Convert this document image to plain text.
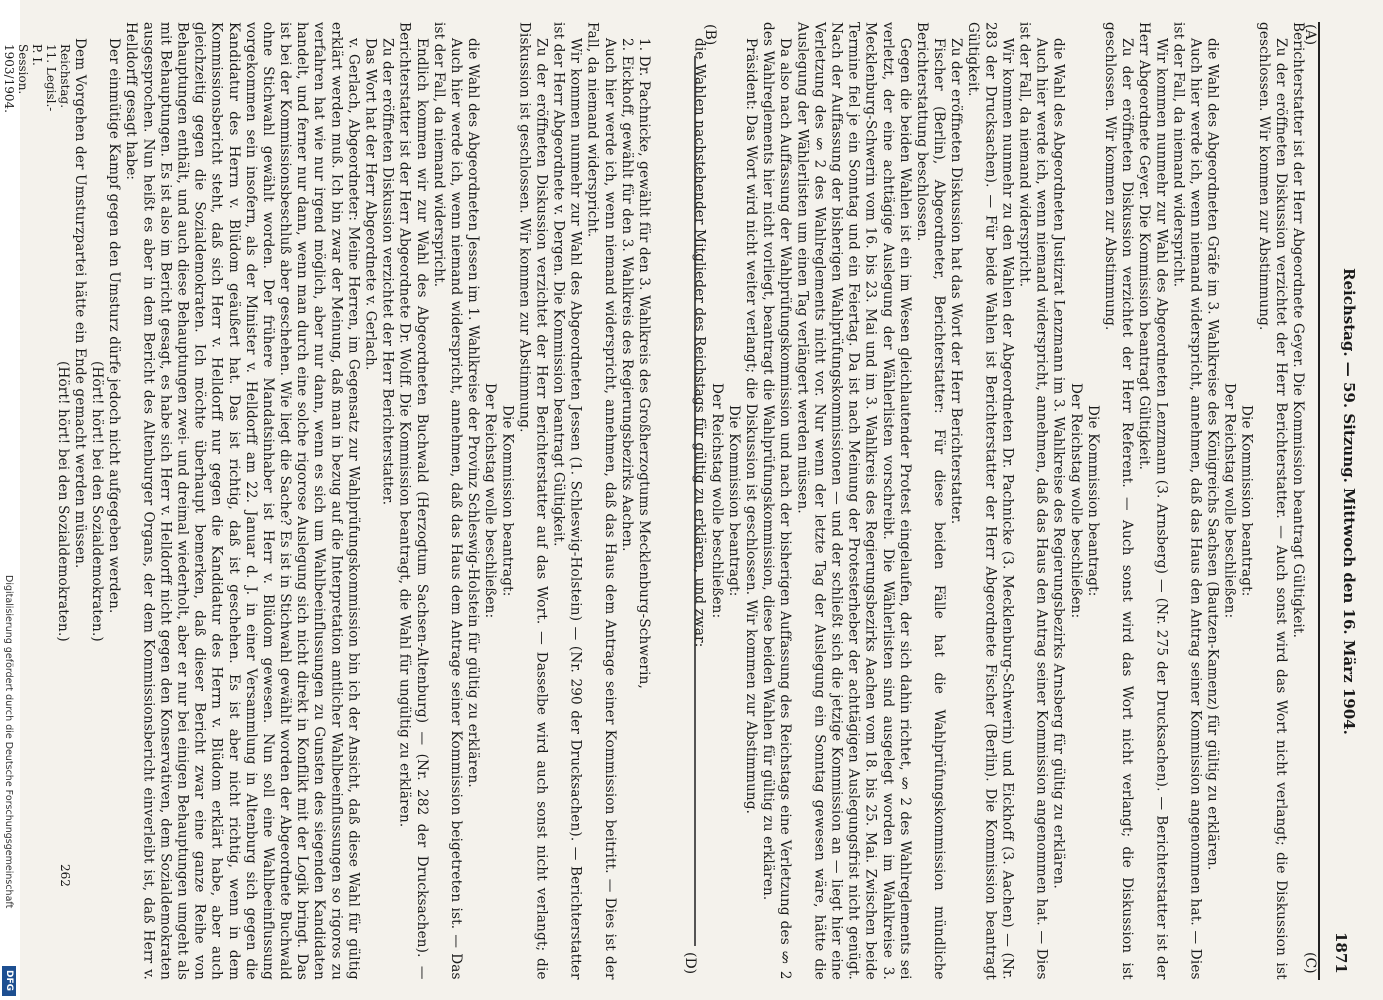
Digitalisierung gefördert durch die Deutsche Forschungsgemeinschaft
DFG
Reichstag. — 59. Sitzung. Mittwoch den 16. März 1904.
1871
(A)
(B)
(C)
(D)

Berichterstatter ist der Herr Abgeordnete Geyer. Die Kommission beantragt Gültigkeit.

Zu der eröffneten Diskussion verzichtet der Herr Berichterstatter. — Auch sonst wird das Wort nicht verlangt; die Diskussion ist geschlossen. Wir kommen zur Abstimmung.

Die Kommission beantragt:

Der Reichstag wolle beschließen:

die Wahl des Abgeordneten Gräfe im 3. Wahlkreise des Königreichs Sachsen (Bautzen-Kamenz) für gültig zu erklären.

Auch hier werde ich, wenn niemand widerspricht, annehmen, daß das Haus den Antrag seiner Kommission angenommen hat. — Dies ist der Fall, da niemand widerspricht.

Wir kommen nunmehr zur Wahl des Abgeordneten Lenzmann (3. Arnsberg) — (Nr. 275 der Drucksachen). — Berichterstatter ist der Herr Abgeordnete Geyer. Die Kommission beantragt Gültigkeit.

Zu der eröffneten Diskussion verzichtet der Herr Referent. — Auch sonst wird das Wort nicht verlangt; die Diskussion ist geschlossen. Wir kommen zur Abstimmung.

Die Kommission beantragt:

Der Reichstag wolle beschließen:

die Wahl des Abgeordneten Justizrat Lenzmann im 3. Wahlkreise des Regierungsbezirks Arnsberg für gültig zu erklären.

Auch hier werde ich, wenn niemand widerspricht, annehmen, daß das Haus den Antrag seiner Kommission angenommen hat. — Dies ist der Fall, da niemand widerspricht.

Wir kommen nunmehr zu den Wahlen der Abgeordneten Dr. Pachnicke (3. Mecklenburg-Schwerin) und Eickhoff (3. Aachen) — (Nr. 283 der Drucksachen). — Für beide Wahlen ist Berichterstatter der Herr Abgeordnete Fischer (Berlin). Die Kommission beantragt Gültigkeit.

Zu der eröffneten Diskussion hat das Wort der Herr Berichterstatter.

Fischer (Berlin), Abgeordneter, Berichterstatter: Für diese beiden Fälle hat die Wahlprüfungskommission mündliche Berichterstattung beschlossen.

Gegen die beiden Wahlen ist ein im Wesen gleichlautender Protest eingelaufen, der sich dahin richtet, § 2 des Wahlreglements sei verletzt, der eine achttägige Auslegung der Wählerlisten vorschreibt. Die Wählerlisten sind ausgelegt worden im Wahlkreise 3. Mecklenburg-Schwerin vom 16. bis 23. Mai und im 3. Wahlkreis des Regierungsbezirks Aachen vom 18. bis 25. Mai. Zwischen beide Termine fiel je ein Sonntag und ein Feiertag. Da ist nach Meinung der Protesterheber der achttägigen Auslegungsfrist nicht genügt. Nach der Auffassung der bisherigen Wahlprüfungskommissionen — und der schließt sich die jetzige Kommission an — liegt hier eine Verletzung des § 2 des Wahlreglements nicht vor. Nur wenn der letzte Tag der Auslegung ein Sonntag gewesen wäre, hätte die Auslegung der Wählerlisten um einen Tag verlängert werden müssen.

Da also nach Auffassung der Wahlprüfungskommission und nach der bisherigen Auffassung des Reichstags eine Verletzung des § 2 des Wahlreglements hier nicht vorliegt, beantragt die Wahlprüfungskommission, diese beiden Wahlen für gültig zu erklären.

Präsident: Das Wort wird nicht weiter verlangt; die Diskussion ist geschlossen. Wir kommen zur Abstimmung.

Die Kommission beantragt:

Der Reichstag wolle beschließen:

die Wahlen nachstehender Mitglieder des Reichstags für gültig zu erklären, und zwar:

1. Dr. Pachnicke, gewählt für den 3. Wahlkreis des Großherzogtums Mecklenburg-Schwerin,

2. Eickhoff, gewählt für den 3. Wahlkreis des Regierungsbezirks Aachen.

Auch hier werde ich, wenn niemand widerspricht, annehmen, daß das Haus dem Antrage seiner Kommission beitritt. — Dies ist der Fall, da niemand widerspricht.

Wir kommen nunmehr zur Wahl des Abgeordneten Jessen (1. Schleswig-Holstein) — (Nr. 290 der Drucksachen). — Berichterstatter ist der Herr Abgeordnete v. Dergen. Die Kommission beantragt Gültigkeit.

Zu der eröffneten Diskussion verzichtet der Herr Berichterstatter auf das Wort. — Dasselbe wird auch sonst nicht verlangt; die Diskussion ist geschlossen. Wir kommen zur Abstimmung.

Die Kommission beantragt:

Der Reichstag wolle beschließen:

die Wahl des Abgeordneten Jessen im 1. Wahlkreise der Provinz Schleswig-Holstein für gültig zu erklären.

Auch hier werde ich, wenn niemand widerspricht, annehmen, daß das Haus dem Antrage seiner Kommission beigetreten ist. — Das ist der Fall, da niemand widerspricht.

Endlich kommen wir zur Wahl des Abgeordneten Buchwald (Herzogtum Sachsen-Altenburg) — (Nr. 282 der Drucksachen). — Berichterstatter ist der Herr Abgeordnete Dr. Wolff. Die Kommission beantragt, die Wahl für ungültig zu erklären.

Zu der eröffneten Diskussion verzichtet der Herr Berichterstatter.

Das Wort hat der Herr Abgeordnete v. Gerlach.

v. Gerlach, Abgeordneter: Meine Herren, im Gegensatz zur Wahlprüfungskommission bin ich der Ansicht, daß diese Wahl für gültig erklärt werden muß. Ich bin zwar der Meinung, daß man in bezug auf die Interpretation amtlicher Wahlbeeinflussungen so rigoros zu verfahren hat wie nur irgend möglich, aber nur dann, wenn es sich um Wahlbeeinflussungen zu Gunsten des siegenden Kandidaten handelt, und ferner nur dann, wenn man durch eine solche rigorose Auslegung sich nicht direkt in Konflikt mit der Logik bringt. Das ist bei der Kommissionsbeschluß aber geschehen. Wie liegt die Sache? Es ist in Stichwahl gewählt worden der Abgeordnete Buchwald ohne Stichwahl gewählt worden. Der frühere Mandatsinhaber ist Herr v. Blüdom gewesen. Nun soll eine Wahlbeeinflussung vorgekommen sein insofern, als der Minister v. Helldorff am 22. Januar d. J. in einer Versammlung in Altenburg sich gegen die Kandidatur des Herrn v. Blüdom geäußert hat. Das ist richtig, daß ist geschehen. Es ist aber nicht richtig, wenn in dem Kommissionsbericht steht, daß sich Herr v. Helldorff nur gegen die Kandidatur des Herrn v. Blüdom erklärt habe, aber auch gleichzeitig gegen die Sozialdemokraten. Ich möchte überhaupt bemerken, daß dieser Bericht zwar eine ganze Reihe von Behauptungen enthält, und auch diese Behauptungen zwei- und dreimal wiederholt, aber er nur bei einigen Behauptungen umgeht als mit Behauptungen. Es ist also im Bericht gesagt, es habe sich Herr v. Helldorff nicht gegen den Konservativen, dem Sozialdemokraten ausgesprochen. Nun heißt es aber in dem Bericht des Altenburger Organs, der dem Kommissionsbericht einverleibt ist, daß Herr v. Helldorff gesagt habe:

Der einmütige Kampf gegen den Umsturz dürfe jedoch nicht aufgegeben werden.

(Hört! hört! bei den Sozialdemokraten.)

Dem Vorgehen der Umsturzpartei hätte ein Ende gemacht werden müssen.

(Hört! hört! bei den Sozialdemokraten.)

Reichstag. 11. Legisl.-P. I. Session. 1903/1904.
262
